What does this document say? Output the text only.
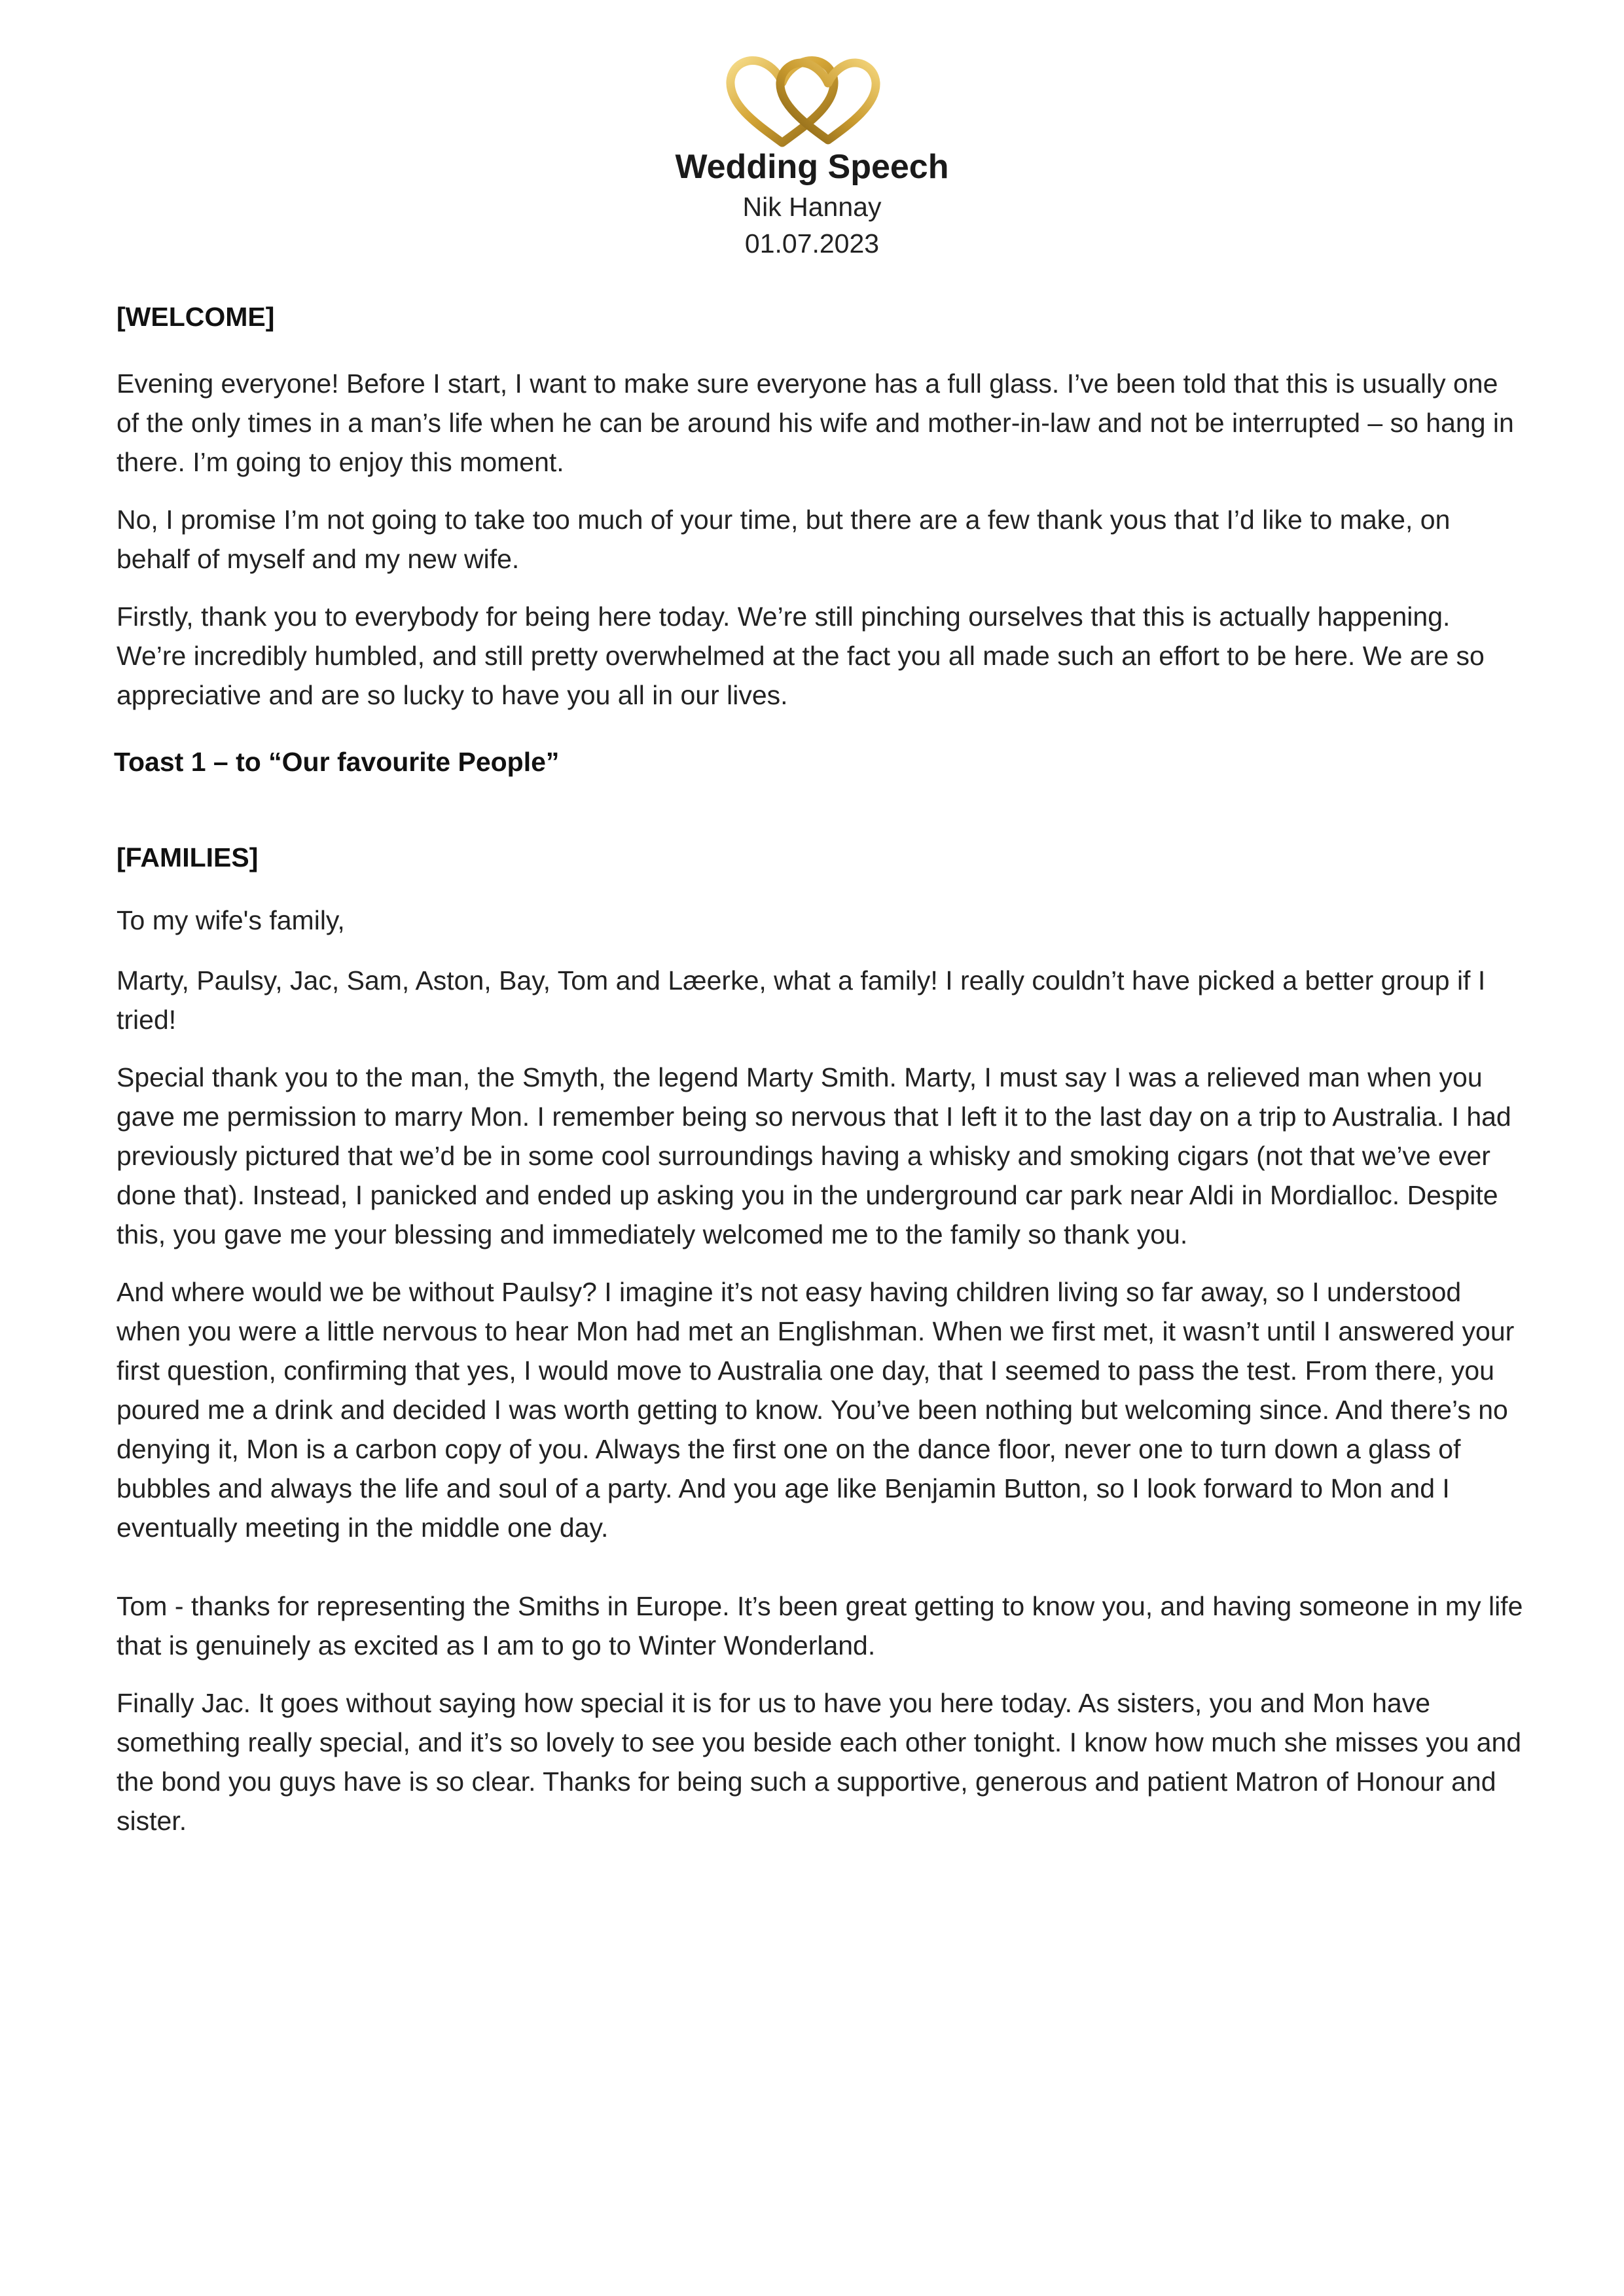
Wedding Speech

Nik Hannay

01.07.2023

[WELCOME]

Evening everyone! Before I start, I want to make sure everyone has a full glass. I’ve been told that this is usually one of the only times in a man’s life when he can be around his wife and mother-in-law and not be interrupted – so hang in there. I’m going to enjoy this moment.

No, I promise I’m not going to take too much of your time, but there are a few thank yous that I’d like to make, on behalf of myself and my new wife.

Firstly, thank you to everybody for being here today. We’re still pinching ourselves that this is actually happening. We’re incredibly humbled, and still pretty overwhelmed at the fact you all made such an effort to be here. We are so appreciative and are so lucky to have you all in our lives.

Toast 1 – to “Our favourite People”

[FAMILIES]

To my wife's family,

Marty, Paulsy, Jac, Sam, Aston, Bay, Tom and Læerke, what a family! I really couldn’t have picked a better group if I tried!

Special thank you to the man, the Smyth, the legend Marty Smith. Marty, I must say I was a relieved man when you gave me permission to marry Mon. I remember being so nervous that I left it to the last day on a trip to Australia. I had previously pictured that we’d be in some cool surroundings having a whisky and smoking cigars (not that we’ve ever done that). Instead, I panicked and ended up asking you in the underground car park near Aldi in Mordialloc. Despite this, you gave me your blessing and immediately welcomed me to the family so thank you.

And where would we be without Paulsy? I imagine it’s not easy having children living so far away, so I understood when you were a little nervous to hear Mon had met an Englishman. When we first met, it wasn’t until I answered your first question, confirming that yes, I would move to Australia one day, that I seemed to pass the test. From there, you poured me a drink and decided I was worth getting to know. You’ve been nothing but welcoming since. And there’s no denying it, Mon is a carbon copy of you. Always the first one on the dance floor, never one to turn down a glass of bubbles and always the life and soul of a party. And you age like Benjamin Button, so I look forward to Mon and I eventually meeting in the middle one day.

Tom - thanks for representing the Smiths in Europe. It’s been great getting to know you, and having someone in my life that is genuinely as excited as I am to go to Winter Wonderland.

Finally Jac. It goes without saying how special it is for us to have you here today. As sisters, you and Mon have something really special, and it’s so lovely to see you beside each other tonight. I know how much she misses you and the bond you guys have is so clear. Thanks for being such a supportive, generous and patient Matron of Honour and sister.
